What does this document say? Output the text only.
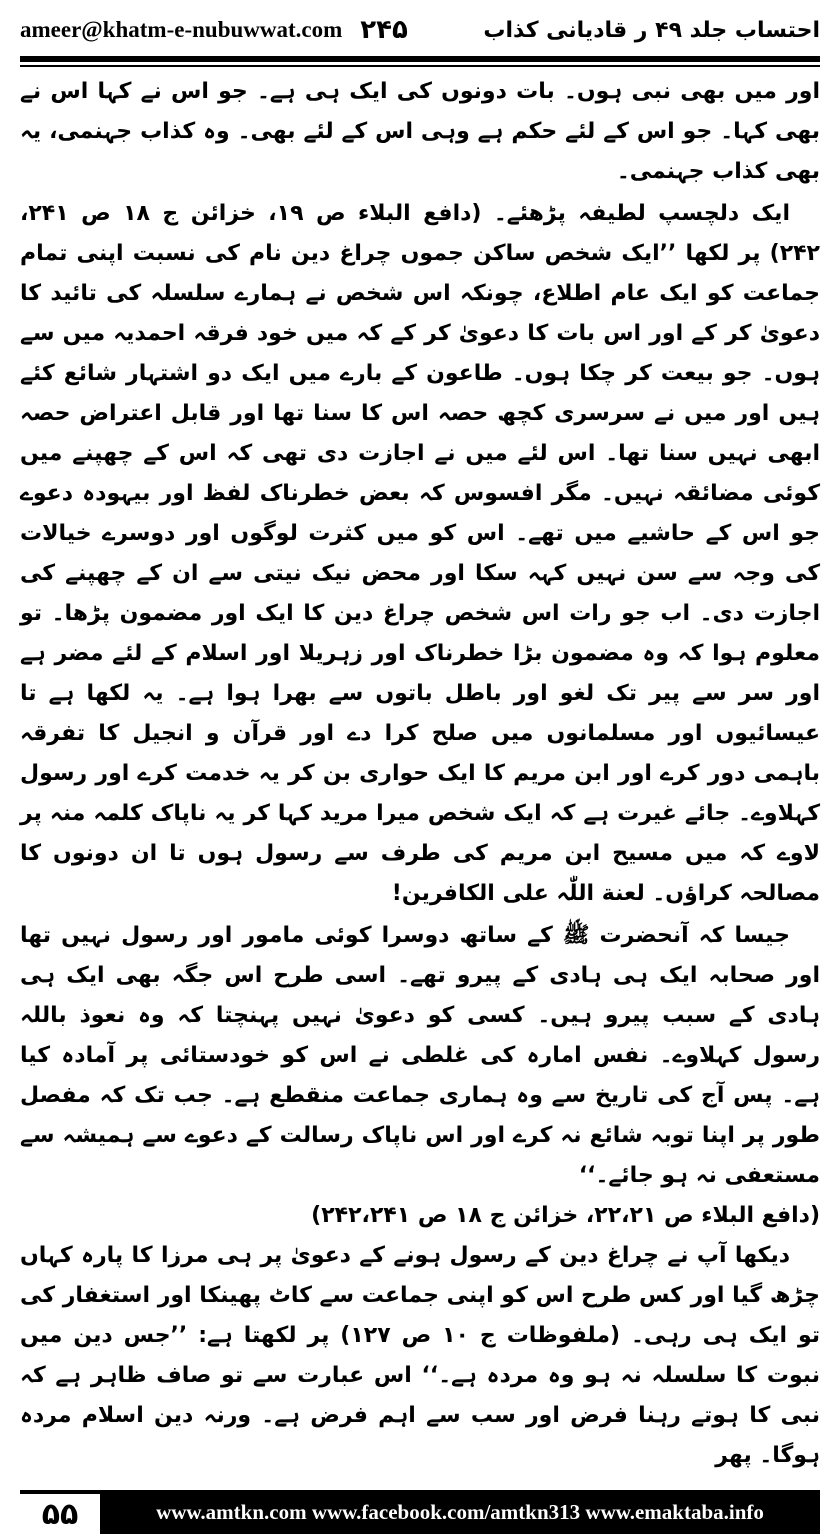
ameer@khatm-e-nubuwwat.com ۲۴۵	احتساب جلد ۴۹ ر قادیانی کذاب

اور میں بھی نبی ہوں۔ بات دونوں کی ایک ہی ہے۔ جو اس نے کہا اس نے بھی کہا۔ جو اس کے لئے حکم ہے وہی اس کے لئے بھی۔ وہ کذاب جہنمی، یہ بھی کذاب جہنمی۔

ایک دلچسپ لطیفہ پڑھئے۔ (دافع البلاء ص ۱۹، خزائن ج ۱۸ ص ۲۴۱، ۲۴۲) پر لکھا ’’ایک شخص ساکن جموں چراغ دین نام کی نسبت اپنی تمام جماعت کو ایک عام اطلاع، چونکہ اس شخص نے ہمارے سلسلہ کی تائید کا دعویٰ کر کے اور اس بات کا دعویٰ کر کے کہ میں خود فرقہ احمدیہ میں سے ہوں۔ جو بیعت کر چکا ہوں۔ طاعون کے بارے میں ایک دو اشتہار شائع کئے ہیں اور میں نے سرسری کچھ حصہ اس کا سنا تھا اور قابل اعتراض حصہ ابھی نہیں سنا تھا۔ اس لئے میں نے اجازت دی تھی کہ اس کے چھپنے میں کوئی مضائقہ نہیں۔ مگر افسوس کہ بعض خطرناک لفظ اور بیہودہ دعوے جو اس کے حاشیے میں تھے۔ اس کو میں کثرت لوگوں اور دوسرے خیالات کی وجہ سے سن نہیں کہہ سکا اور محض نیک نیتی سے ان کے چھپنے کی اجازت دی۔ اب جو رات اس شخص چراغ دین کا ایک اور مضمون پڑھا۔ تو معلوم ہوا کہ وہ مضمون بڑا خطرناک اور زہریلا اور اسلام کے لئے مضر ہے اور سر سے پیر تک لغو اور باطل باتوں سے بھرا ہوا ہے۔ یہ لکھا ہے تا عیسائیوں اور مسلمانوں میں صلح کرا دے اور قرآن و انجیل کا تفرقہ باہمی دور کرے اور ابن مریم کا ایک حواری بن کر یہ خدمت کرے اور رسول کہلاوے۔ جائے غیرت ہے کہ ایک شخص میرا مرید کہا کر یہ ناپاک کلمہ منہ پر لاوے کہ میں مسیح ابن مریم کی طرف سے رسول ہوں تا ان دونوں کا مصالحہ کراؤں۔ لعنة اللّٰہ علی الکافرین!

جیسا کہ آنحضرت ﷺ کے ساتھ دوسرا کوئی مامور اور رسول نہیں تھا اور صحابہ ایک ہی ہادی کے پیرو تھے۔ اسی طرح اس جگہ بھی ایک ہی ہادی کے سبب پیرو ہیں۔ کسی کو دعویٰ نہیں پہنچتا کہ وہ نعوذ باللہ رسول کہلاوے۔ نفس امارہ کی غلطی نے اس کو خودستائی پر آمادہ کیا ہے۔ پس آج کی تاریخ سے وہ ہماری جماعت منقطع ہے۔ جب تک کہ مفصل طور پر اپنا توبہ شائع نہ کرے اور اس ناپاک رسالت کے دعوے سے ہمیشہ سے مستعفی نہ ہو جائے۔‘‘

(دافع البلاء ص ۲۲،۲۱، خزائن ج ۱۸ ص ۲۴۲،۲۴۱)

دیکھا آپ نے چراغ دین کے رسول ہونے کے دعویٰ پر ہی مرزا کا پارہ کہاں چڑھ گیا اور کس طرح اس کو اپنی جماعت سے کاٹ پھینکا اور استغفار کی تو ایک ہی رہی۔ (ملفوظات ج ۱۰ ص ۱۲۷) پر لکھتا ہے: ’’جس دین میں نبوت کا سلسلہ نہ ہو وہ مردہ ہے۔‘‘ اس عبارت سے تو صاف ظاہر ہے کہ نبی کا ہوتے رہنا فرض اور سب سے اہم فرض ہے۔ ورنہ دین اسلام مردہ ہوگا۔ پھر

۵۵	www.amtkn.com www.facebook.com/amtkn313 www.emaktaba.info
